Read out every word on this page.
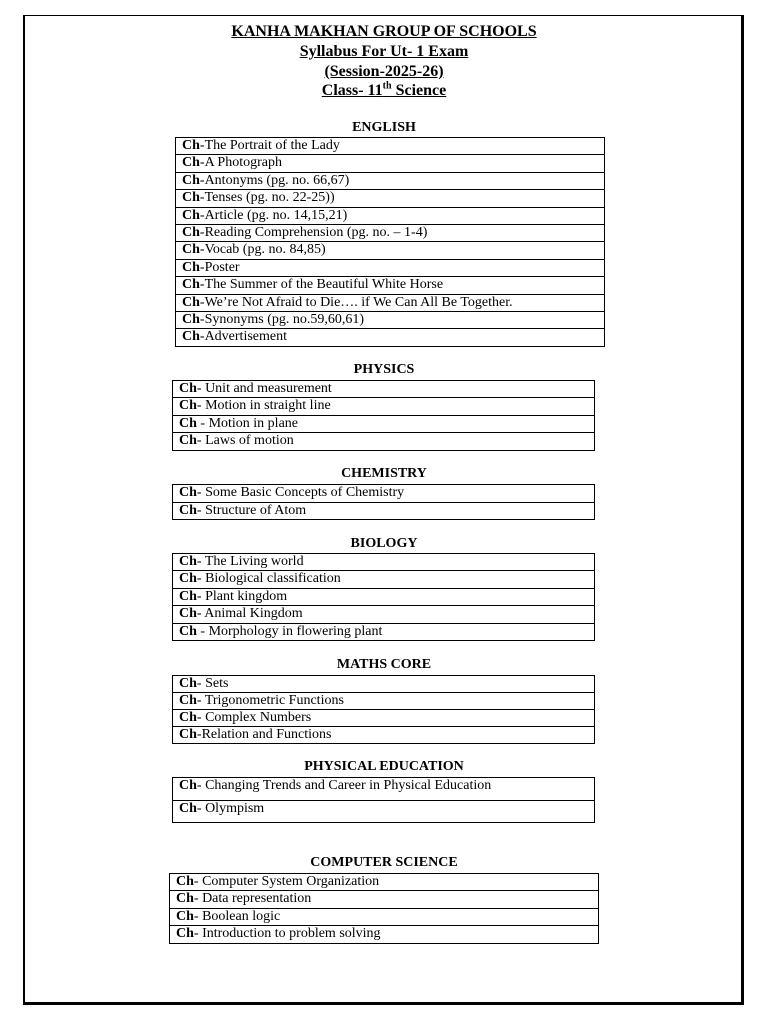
KANHA MAKHAN GROUP OF SCHOOLS
Syllabus For Ut- 1 Exam
(Session-2025-26)
Class- 11th Science
ENGLISH
Ch-The Portrait of the Lady
Ch-A Photograph
Ch-Antonyms (pg. no. 66,67)
Ch-Tenses (pg. no. 22-25))
Ch-Article (pg. no. 14,15,21)
Ch-Reading Comprehension (pg. no. – 1-4)
Ch-Vocab (pg. no. 84,85)
Ch-Poster
Ch-The Summer of the Beautiful White Horse
Ch-We’re Not Afraid to Die…. if We Can All Be Together.
Ch-Synonyms (pg. no.59,60,61)
Ch-Advertisement
PHYSICS
Ch- Unit and measurement
Ch- Motion in straight line
Ch - Motion in plane
Ch- Laws of motion
CHEMISTRY
Ch- Some Basic Concepts of Chemistry
Ch- Structure of Atom
BIOLOGY
Ch- The Living world
Ch- Biological classification
Ch- Plant kingdom
Ch- Animal Kingdom
Ch - Morphology in flowering plant
MATHS CORE
Ch- Sets
Ch- Trigonometric Functions
Ch- Complex Numbers
Ch-Relation and Functions
PHYSICAL EDUCATION
Ch- Changing Trends and Career in Physical Education
Ch- Olympism
COMPUTER SCIENCE
Ch- Computer System Organization
Ch- Data representation
Ch- Boolean logic
Ch- Introduction to problem solving
